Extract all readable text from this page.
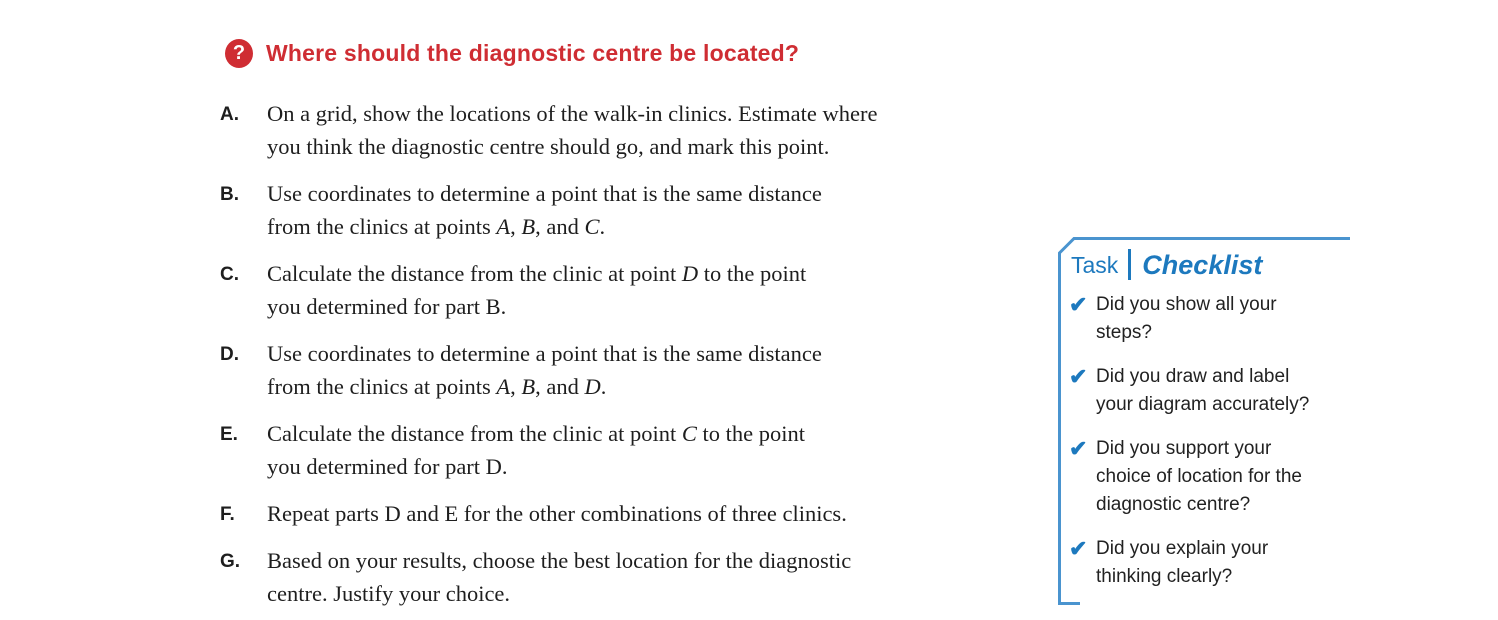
? Where should the diagnostic centre be located?
A. On a grid, show the locations of the walk-in clinics. Estimate where
you think the diagnostic centre should go, and mark this point.
B. Use coordinates to determine a point that is the same distance
from the clinics at points A, B, and C.
C. Calculate the distance from the clinic at point D to the point
you determined for part B.
D. Use coordinates to determine a point that is the same distance
from the clinics at points A, B, and D.
E. Calculate the distance from the clinic at point C to the point
you determined for part D.
F. Repeat parts D and E for the other combinations of three clinics.
G. Based on your results, choose the best location for the diagnostic
centre. Justify your choice.
Task Checklist
✔ Did you show all your
steps?
✔ Did you draw and label
your diagram accurately?
✔ Did you support your
choice of location for the
diagnostic centre?
✔ Did you explain your
thinking clearly?
